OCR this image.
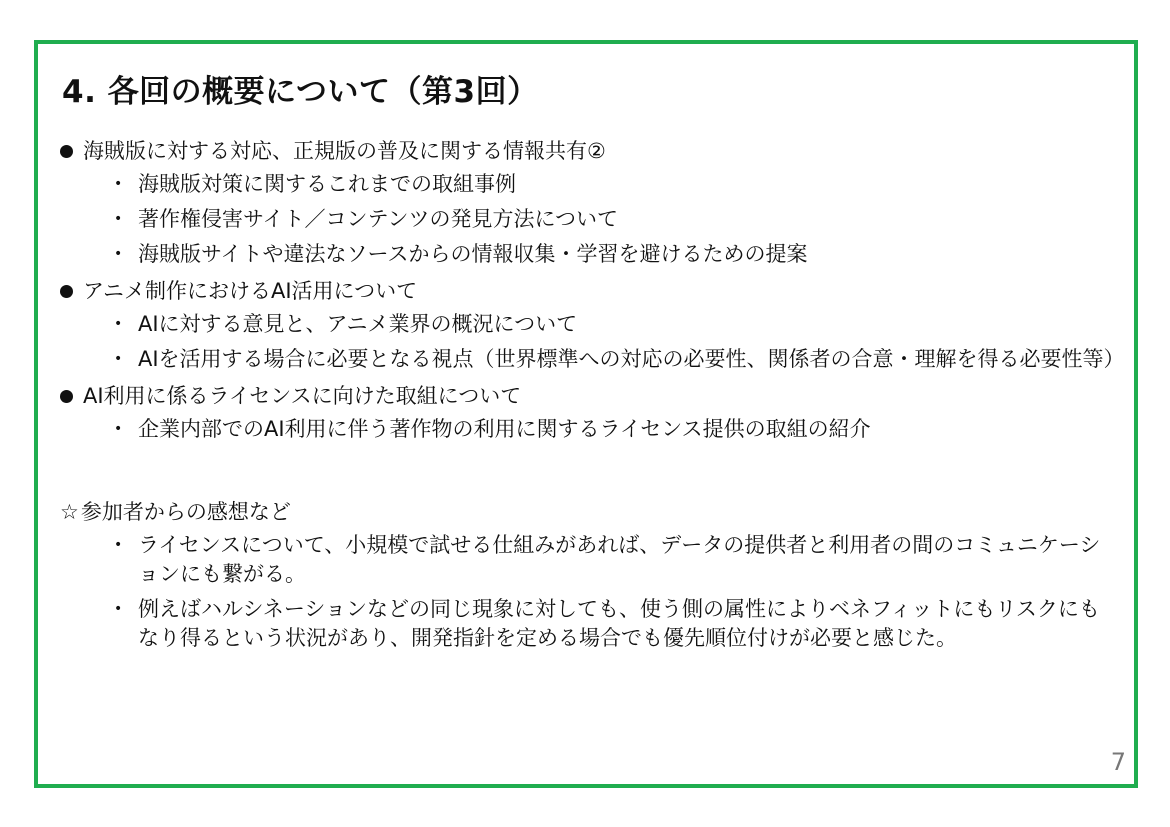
4. 各回の概要について（第3回）
海賊版に対する対応、正規版の普及に関する情報共有②
• 海賊版対策に関するこれまでの取組事例
• 著作権侵害サイト／コンテンツの発見方法について
• 海賊版サイトや違法なソースからの情報収集・学習を避けるための提案
アニメ制作におけるAI活用について
• AIに対する意見と、アニメ業界の概況について
• AIを活用する場合に必要となる視点（世界標準への対応の必要性、関係者の合意・理解を得る必要性等）
AI利用に係るライセンスに向けた取組について
• 企業内部でのAI利用に伴う著作物の利用に関するライセンス提供の取組の紹介
☆ 参加者からの感想など
• ライセンスについて、小規模で試せる仕組みがあれば、データの提供者と利用者の間のコミュニケーションにも繋がる。
• 例えばハルシネーションなどの同じ現象に対しても、使う側の属性によりベネフィットにもリスクにもなり得るという状況があり、開発指針を定める場合でも優先順位付けが必要と感じた。
7
